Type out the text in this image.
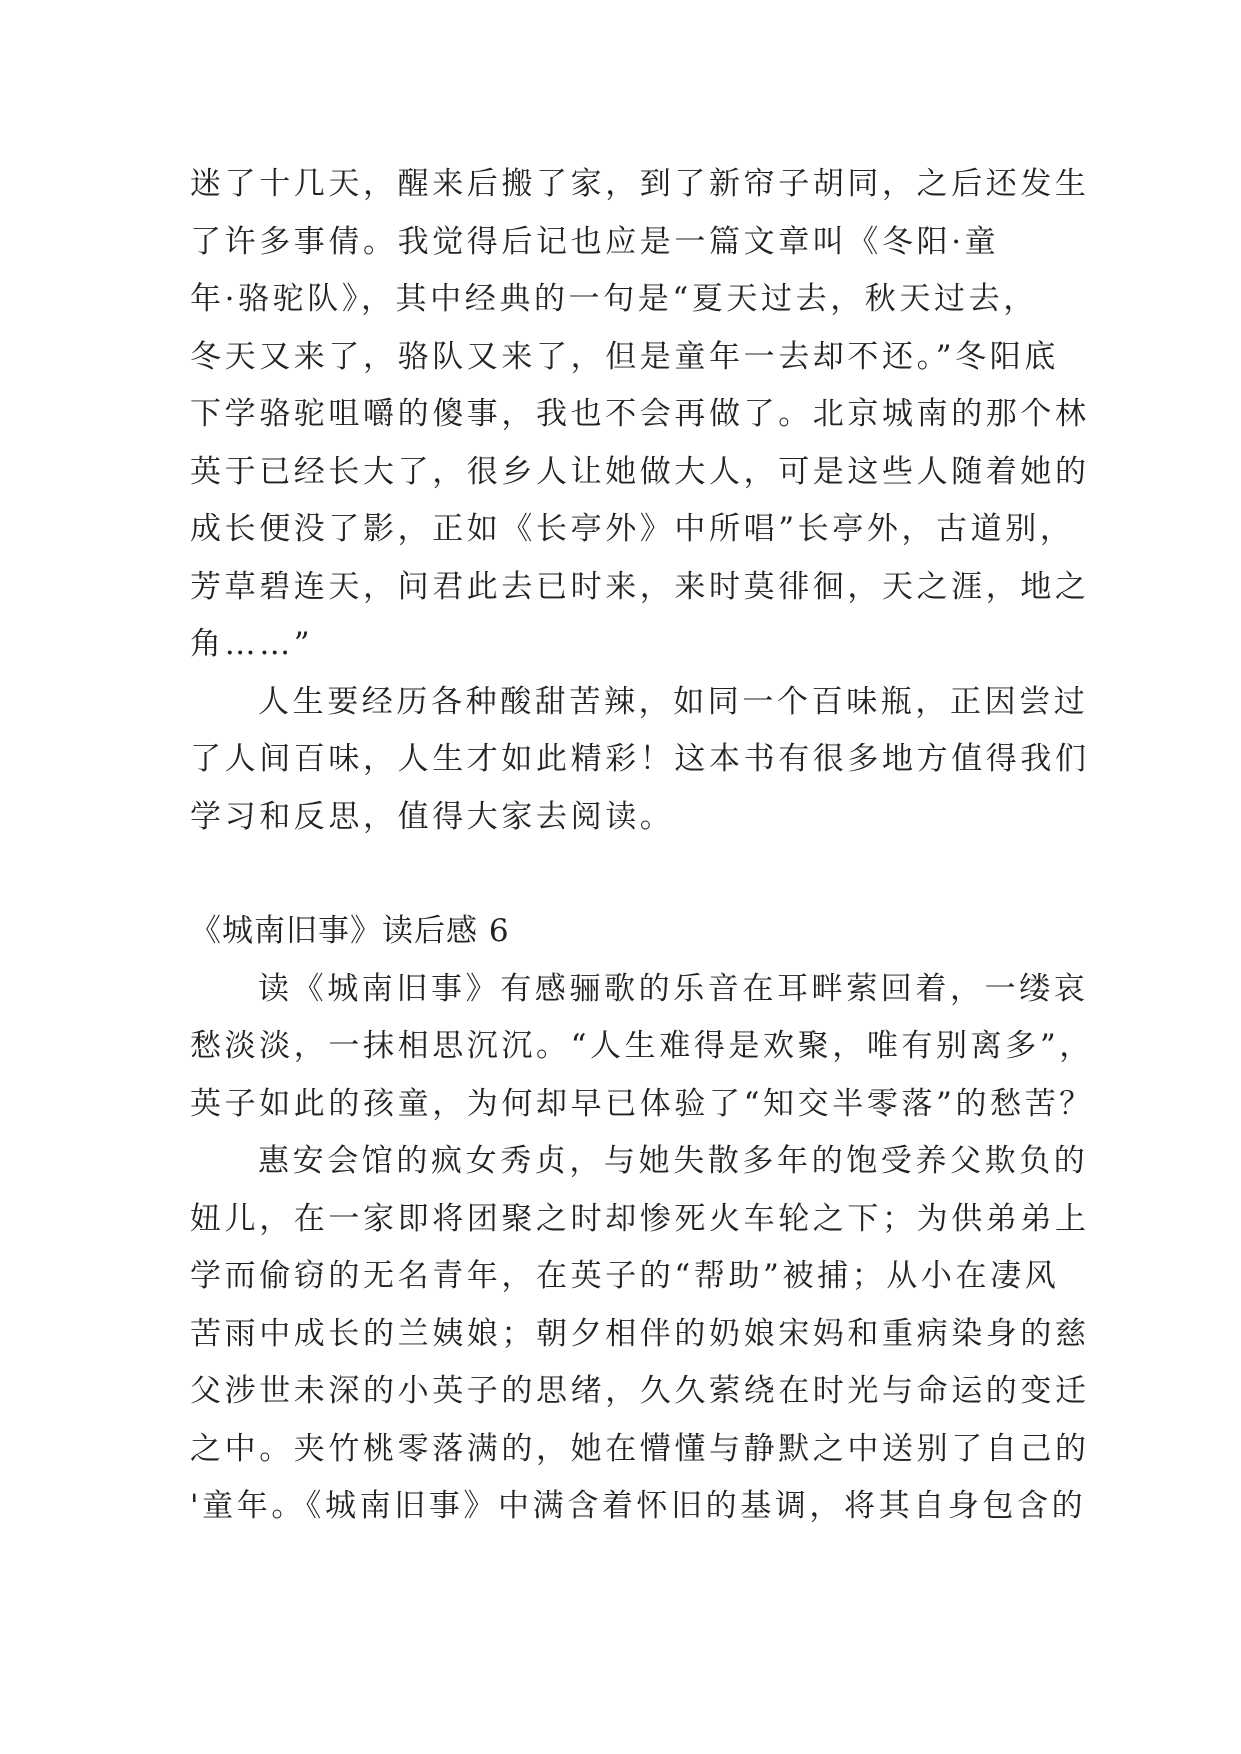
迷了十几天，醒来后搬了家，到了新帘子胡同，之后还发生
了许多事倩。我觉得后记也应是一篇文章叫《冬阳·童
年·骆驼队》，其中经典的一句是“夏天过去，秋天过去，
冬天又来了，骆队又来了，但是童年一去却不还。”冬阳底
下学骆驼咀嚼的傻事，我也不会再做了。北京城南的那个林
英于已经长大了，很乡人让她做大人，可是这些人随着她的
成长便没了影，正如《长亭外》中所唱”长亭外，古道别，
芳草碧连天，问君此去已时来，来时莫徘徊，天之涯，地之
角……”

人生要经历各种酸甜苦辣，如同一个百味瓶，正因尝过
了人间百味，人生才如此精彩！这本书有很多地方值得我们
学习和反思，值得大家去阅读。

《城南旧事》读后感 6

读《城南旧事》有感骊歌的乐音在耳畔萦回着，一缕哀
愁淡淡，一抹相思沉沉。“人生难得是欢聚，唯有别离多”，
英子如此的孩童，为何却早已体验了“知交半零落”的愁苦？

惠安会馆的疯女秀贞，与她失散多年的饱受养父欺负的
妞儿，在一家即将团聚之时却惨死火车轮之下；为供弟弟上
学而偷窃的无名青年，在英子的“帮助”被捕；从小在凄风
苦雨中成长的兰姨娘；朝夕相伴的奶娘宋妈和重病染身的慈
父涉世未深的小英子的思绪，久久萦绕在时光与命运的变迁
之中。夹竹桃零落满的，她在懵懂与静默之中送别了自己的
'童年。《城南旧事》中满含着怀旧的基调，将其自身包含的
